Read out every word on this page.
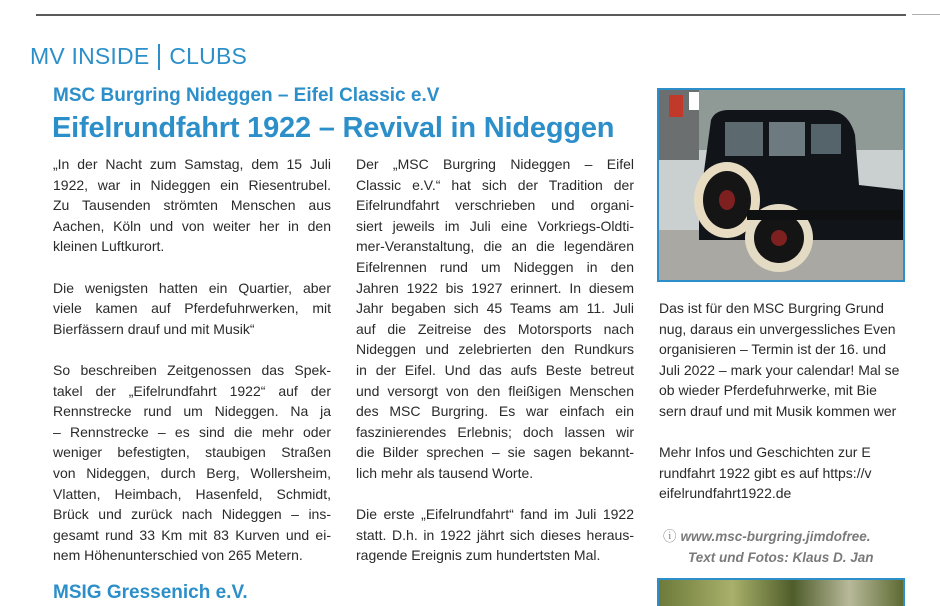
MV INSIDE CLUBS
MSC Burgring Nideggen – Eifel Classic e.V
Eifelrundfahrt 1922 – Revival in Nideggen

„In der Nacht zum Samstag, dem 15 Juli
1922, war in Nideggen ein Riesentrubel.
Zu Tausenden strömten Menschen aus
Aachen, Köln und von weiter her in den
kleinen Luftkurort.

Die wenigsten hatten ein Quartier, aber
viele kamen auf Pferdefuhrwerken, mit
Bierfässern drauf und mit Musik“

So beschreiben Zeitgenossen das Spek-
takel der „Eifelrundfahrt 1922“ auf der
Rennstrecke rund um Nideggen. Na ja
– Rennstrecke – es sind die mehr oder
weniger befestigten, staubigen Straßen
von Nideggen, durch Berg, Wollersheim,
Vlatten, Heimbach, Hasenfeld, Schmidt,
Brück und zurück nach Nideggen – ins-
gesamt rund 33 Km mit 83 Kurven und ei-
nem Höhenunterschied von 265 Metern.

Der „MSC Burgring Nideggen – Eifel
Classic e.V.“ hat sich der Tradition der
Eifelrundfahrt verschrieben und organi-
siert jeweils im Juli eine Vorkriegs-Oldti-
mer-Veranstaltung, die an die legendären
Eifelrennen rund um Nideggen in den
Jahren 1922 bis 1927 erinnert. In diesem
Jahr begaben sich 45 Teams am 11. Juli
auf die Zeitreise des Motorsports nach
Nideggen und zelebrierten den Rundkurs
in der Eifel. Und das aufs Beste betreut
und versorgt von den fleißigen Menschen
des MSC Burgring. Es war einfach ein
faszinierendes Erlebnis; doch lassen wir
die Bilder sprechen – sie sagen bekannt-
lich mehr als tausend Worte.

Die erste „Eifelrundfahrt“ fand im Juli 1922
statt. D.h. in 1922 jährt sich dieses heraus-
ragende Ereignis zum hundertsten Mal.

Das ist für den MSC Burgring Grund
nug, daraus ein unvergessliches Even
organisieren – Termin ist der 16. und
Juli 2022 – mark your calendar! Mal se
ob wieder Pferdefuhrwerke, mit Bie
sern drauf und mit Musik kommen wer

Mehr Infos und Geschichten zur E
rundfahrt 1922 gibt es auf https://v
eifelrundfahrt1922.de

ⓘ www.msc-burgring.jimdofree.
Text und Fotos: Klaus D. Jan
MSIG Gressenich e.V.
